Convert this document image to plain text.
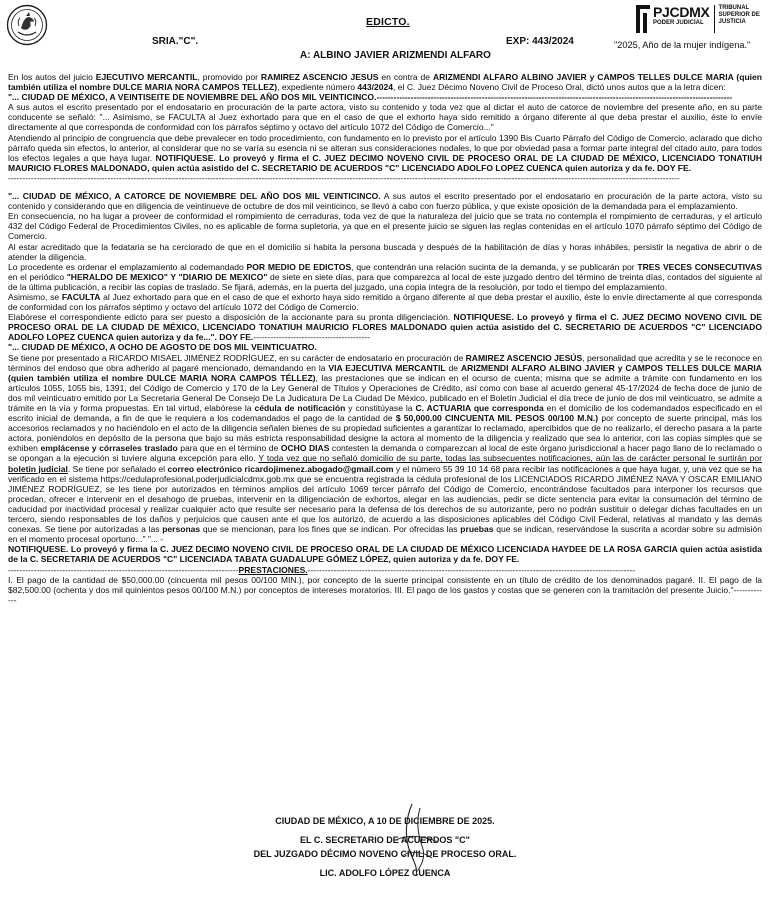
EDICTO.
PJCDMX
PODER JUDICIAL
TRIBUNAL
SUPERIOR DE
JUSTICIA
SRIA."C".	EXP: 443/2024	"2025, Año de la mujer indígena."
A: ALBINO JAVIER ARIZMENDI ALFARO

En los autos del juicio EJECUTIVO MERCANTIL, promovido por RAMIREZ ASCENCIO JESUS en contra de ARIZMENDI ALFARO ALBINO JAVIER y CAMPOS TELLES DULCE MARIA (quien también utiliza el nombre DULCE MARIA NORA CAMPOS TELLEZ), expediente número 443/2024, el C. Juez Décimo Noveno Civil de Proceso Oral, dictó unos autos que a la letra dicen:

"... CIUDAD DE MÉXICO, A VEINTISEITE DE NOVIEMBRE DEL AÑO DOS MIL VEINTICINCO.-----------------------------------------------------------------------------------------------------------------------------

A sus autos el escrito presentado por el endosatario en procuración de la parte actora, visto su contenido y toda vez que al dictar el auto de catorce de noviembre del presente año, en su parte conducente se señaló: "... Asimismo, se FACULTA al Juez exhortado para que en el caso de que el exhorto haya sido remitido a órgano diferente al que deba prestar el auxilio, éste lo envíe directamente al que corresponda de conformidad con los párrafos séptimo y octavo del artículo 1072 del Código de Comercio..."

Atendiendo al principio de congruencia que debe prevalecer en todo procedimiento, con fundamento en lo previsto por el artículo 1390 Bis Cuarto Párrafo del Código de Comercio, aclarado que dicho párrafo queda sin efectos, lo anterior, al considerar que no se varía su esencia ni se alteran sus consideraciones nodales, lo que por obviedad pasa a formar parte integral del citado auto, para todos los efectos legales a que haya lugar. NOTIFIQUESE. Lo proveyó y firma el C. JUEZ DECIMO NOVENO CIVIL DE PROCESO ORAL DE LA CIUDAD DE MÉXICO, LICENCIADO TONATIUH MAURICIO FLORES MALDONADO, quien actúa asistido del C. SECRETARIO DE ACUERDOS "C" LICENCIADO ADOLFO LOPEZ CUENCA quien autoriza y da fe. DOY FE.

--------------------------------------------------------------------------------------------------------------------------------------------------------------------------------------------------------------------------------------------

"... CIUDAD DE MÉXICO, A CATORCE DE NOVIEMBRE DEL AÑO DOS MIL VEINTICINCO. A sus autos el escrito presentado por el endosatario en procuración de la parte actora, visto su contenido y considerando que en diligencia de veintinueve de octubre de dos mil veinticinco, se llevó a cabo con fuerzo pública, y que existe oposición de la demandada para el emplazamiento.

En consecuencia, no ha lugar a proveer de conformidad el rompimiento de cerraduras, toda vez de que la naturaleza del juicio que se trata no contempla el rompimiento de cerraduras, y el artículo 432 del Código Federal de Procedimientos Civiles, no es aplicable de forma supletoria, ya que en el presente juicio se siguen las reglas contenidas en el artículo 1070 párrafo séptimo del Código de Comercio.

Al estar acreditado que la fedataria se ha cerciorado de que en el domicilio si habita la persona buscada y después de la habilitación de días y horas inhábiles, persistir la negativa de abrir o de atender la diligencia.

Lo procedente es ordenar el emplazamiento al codemandado POR MEDIO DE EDICTOS, que contendrán una relación sucinta de la demanda, y se publicarán por TRES VECES CONSECUTIVAS en el periódico "HERALDO DE MEXICO" Y "DIARIO DE MEXICO" de siete en siete días, para que comparezca al local de este juzgado dentro del término de treinta días, contados del siguiente al de la última publicación, a recibir las copias de traslado. Se fijará, además, en la puerta del juzgado, una copia íntegra de la resolución, por todo el tiempo del emplazamiento.

Asimismo, se FACULTA al Juez exhortado para que en el caso de que el exhorto haya sido remitido a órgano diferente al que deba prestar el auxilio, éste lo envíe directamente al que corresponda de conformidad con los párrafos séptimo y octavo del artículo 1072 del Código de Comercio.

Elabórese el correspondiente edicto para ser puesto a disposición de la accionante para su pronta diligenciación. NOTIFIQUESE. Lo proveyó y firma el C. JUEZ DECIMO NOVENO CIVIL DE PROCESO ORAL DE LA CIUDAD DE MÉXICO, LICENCIADO TONATIUH MAURICIO FLORES MALDONADO quien actúa asistido del C. SECRETARIO DE ACUERDOS "C" LICENCIADO ADOLFO LOPEZ CUENCA quien autoriza y da fe...". DOY FE.-----------------------------------------

"... CIUDAD DE MÉXICO, A OCHO DE AGOSTO DE DOS MIL VEINTICUATRO.

Se tiene por presentado a RICARDO MISAEL JIMÉNEZ RODRÍGUEZ, en su carácter de endosatario en procuración de RAMIREZ ASCENCIO JESÚS, personalidad que acredita y se le reconoce en términos del endoso que obra adherido al pagaré mencionado, demandando en la VIA EJECUTIVA MERCANTIL de ARIZMENDI ALFARO ALBINO JAVIER y CAMPOS TELLES DULCE MARIA (quien también utiliza el nombre DULCE MARIA NORA CAMPOS TÉLLEZ), las prestaciones que se indican en el ocurso de cuenta; misma que se admite a trámite con fundamento en los artículos 1055, 1055 bis, 1391, del Código de Comercio y 170 de la Ley General de Títulos y Operaciones de Crédito, así como con base al acuerdo general 45-17/2024 de fecha doce de junio de dos mil veinticuatro emitido por La Secretaria General De Consejo De La Judicatura De La Ciudad De México, publicado en el Boletín Judicial el día trece de junio de dos mil veinticuatro, se admite a trámite en la vía y forma propuestas. En tal virtud, elabórese la cédula de notificación y constitúyase la C. ACTUARIA que corresponda en el domicilio de los codemandados especificado en el escrito inicial de demanda, a fin de que le requiera a los codemandados el pago de la cantidad de $ 50,000.00 CINCUENTA MIL PESOS 00/100 M.N.) por concepto de suerte principal, más los accesorios reclamados y no haciéndolo en el acto de la diligencia señalen bienes de su propiedad suficientes a garantizar lo reclamado, apercibidos que de no realizarlo, el derecho pasara a la parte actora, poniéndolos en depósito de la persona que bajo su más estricta responsabilidad designe la actora al momento de la diligencia y realizado que sea lo anterior, con las copias simples que se exhiben emplácense y córraseles traslado para que en el término de OCHO DIAS contesten la demanda o comparezcan al local de este órgano jurisdiccional a hacer pago llano de lo reclamado o se opongan a la ejecución si tuviere alguna excepción para ello. Y toda vez que no señaló domicilio de su parte, todas las subsecuentes notificaciones, aún las de carácter personal le surtirán por boletín judicial. Se tiene por señalado el correo electrónico ricardojimenez.abogado@gmail.com y el número 55 39 10 14 68 para recibir las notificaciones a que haya lugar, y, una vez que se ha verificado en el sistema https://cedulaprofesional.poderjudicialcdmx.gob.mx que se encuentra registrada la cédula profesional de los LICENCIADOS RICARDO JIMÉNEZ NAVA Y OSCAR EMILIANO JIMÉNEZ RODRÍGUEZ, se les tiene por autorizados en términos amplios del artículo 1069 tercer párrafo del Código de Comercio, encontrándose facultados para interponer los recursos que procedan, ofrecer e intervenir en el desahogo de pruebas, intervenir en la diligenciación de exhortos, alegar en las audiencias, pedir se dicte sentencia para evitar la consumación del término de caducidad por inactividad procesal y realizar cualquier acto que resulte ser necesario para la defensa de los derechos de su autorizante, pero no podrán sustituir o delegar dichas facultades en un tercero, siendo responsables de los daños y perjuicios que causen ante el que los autorizó, de acuerdo a las disposiciones aplicables del Código Civil Federal, relativas al mandato y las demás conexas. Se tiene por autorizadas a las personas que se mencionan, para los fines que se indican. Por ofrecidas las pruebas que se indican, reservándose la suscrita a acordar sobre su admisión en el momento procesal oportuno..." "... -

NOTIFIQUESE. Lo proveyó y firma la C. JUEZ DECIMO NOVENO CIVIL DE PROCESO ORAL DE LA CIUDAD DE MÉXICO LICENCIADA HAYDEE DE LA ROSA GARCIA quien actúa asistida de la C. SECRETARIA DE ACUERDOS "C" LICENCIADA TABATA GUADALUPE GÓMEZ LÓPEZ, quien autoriza y da fe. DOY FE.

---------------------------------------------------------------------------------PRESTACIONES.-------------------------------------------------------------------------------------------------------------------

I. El pago de la cantidad de $50,000.00 (cincuenta mil pesos 00/100 MIN.), por concepto de la suerte principal consistente en un título de crédito de los denominados pagaré. II. El pago de la $82,500.00 (ochenta y dos mil quinientos pesos 00/100 M.N.) por conceptos de intereses moratorios. III. El pago de los gastos y costas que se generen con la tramitación del presente Juicio."-------------

CIUDAD DE MÉXICO, A 10 DE DICIEMBRE DE 2025.
EL C. SECRETARIO DE ACUERDOS "C"
DEL JUZGADO DÉCIMO NOVENO CIVIL DE PROCESO ORAL.
LIC. ADOLFO LÓPEZ CUENCA
